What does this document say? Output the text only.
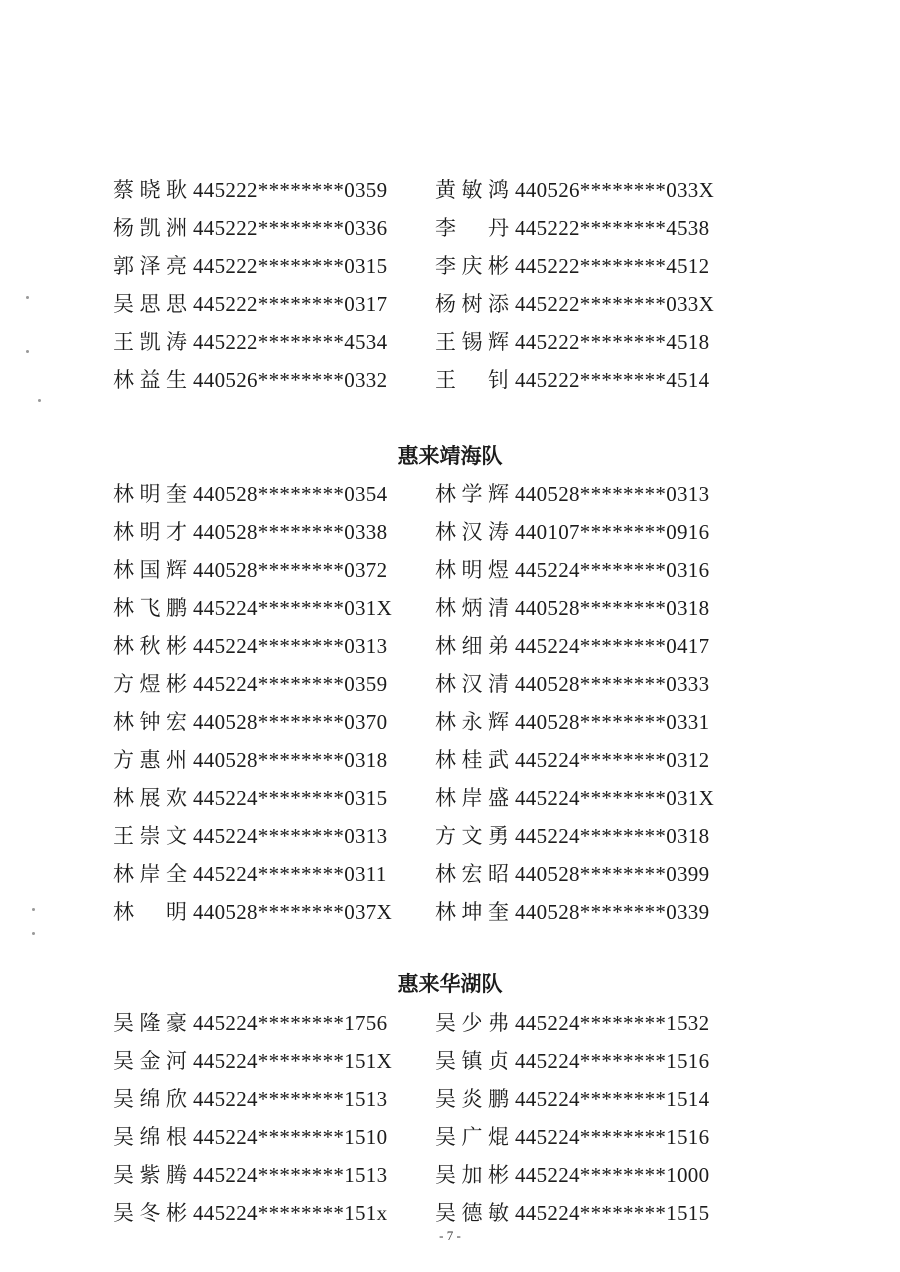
蔡晓耿 445222********0359 黄敏鸿 440526********033X
杨凯洲 445222********0336 李丹 445222********4538
郭泽亮 445222********0315 李庆彬 445222********4512
吴思思 445222********0317 杨树添 445222********033X
王凯涛 445222********4534 王锡辉 445222********4518
林益生 440526********0332 王钊 445222********4514
惠来靖海队
林明奎 440528********0354 林学辉 440528********0313
林明才 440528********0338 林汉涛 440107********0916
林国辉 440528********0372 林明煜 445224********0316
林飞鹏 445224********031X 林炳清 440528********0318
林秋彬 445224********0313 林细弟 445224********0417
方煜彬 445224********0359 林汉清 440528********0333
林钟宏 440528********0370 林永辉 440528********0331
方惠州 440528********0318 林桂武 445224********0312
林展欢 445224********0315 林岸盛 445224********031X
王崇文 445224********0313 方文勇 445224********0318
林岸全 445224********0311 林宏昭 440528********0399
林明 440528********037X 林坤奎 440528********0339
惠来华湖队
吴隆豪 445224********1756 吴少弗 445224********1532
吴金河 445224********151X 吴镇贞 445224********1516
吴绵欣 445224********1513 吴炎鹏 445224********1514
吴绵根 445224********1510 吴广焜 445224********1516
吴紫腾 445224********1513 吴加彬 445224********1000
吴冬彬 445224********151x 吴德敏 445224********1515
- 7 -
